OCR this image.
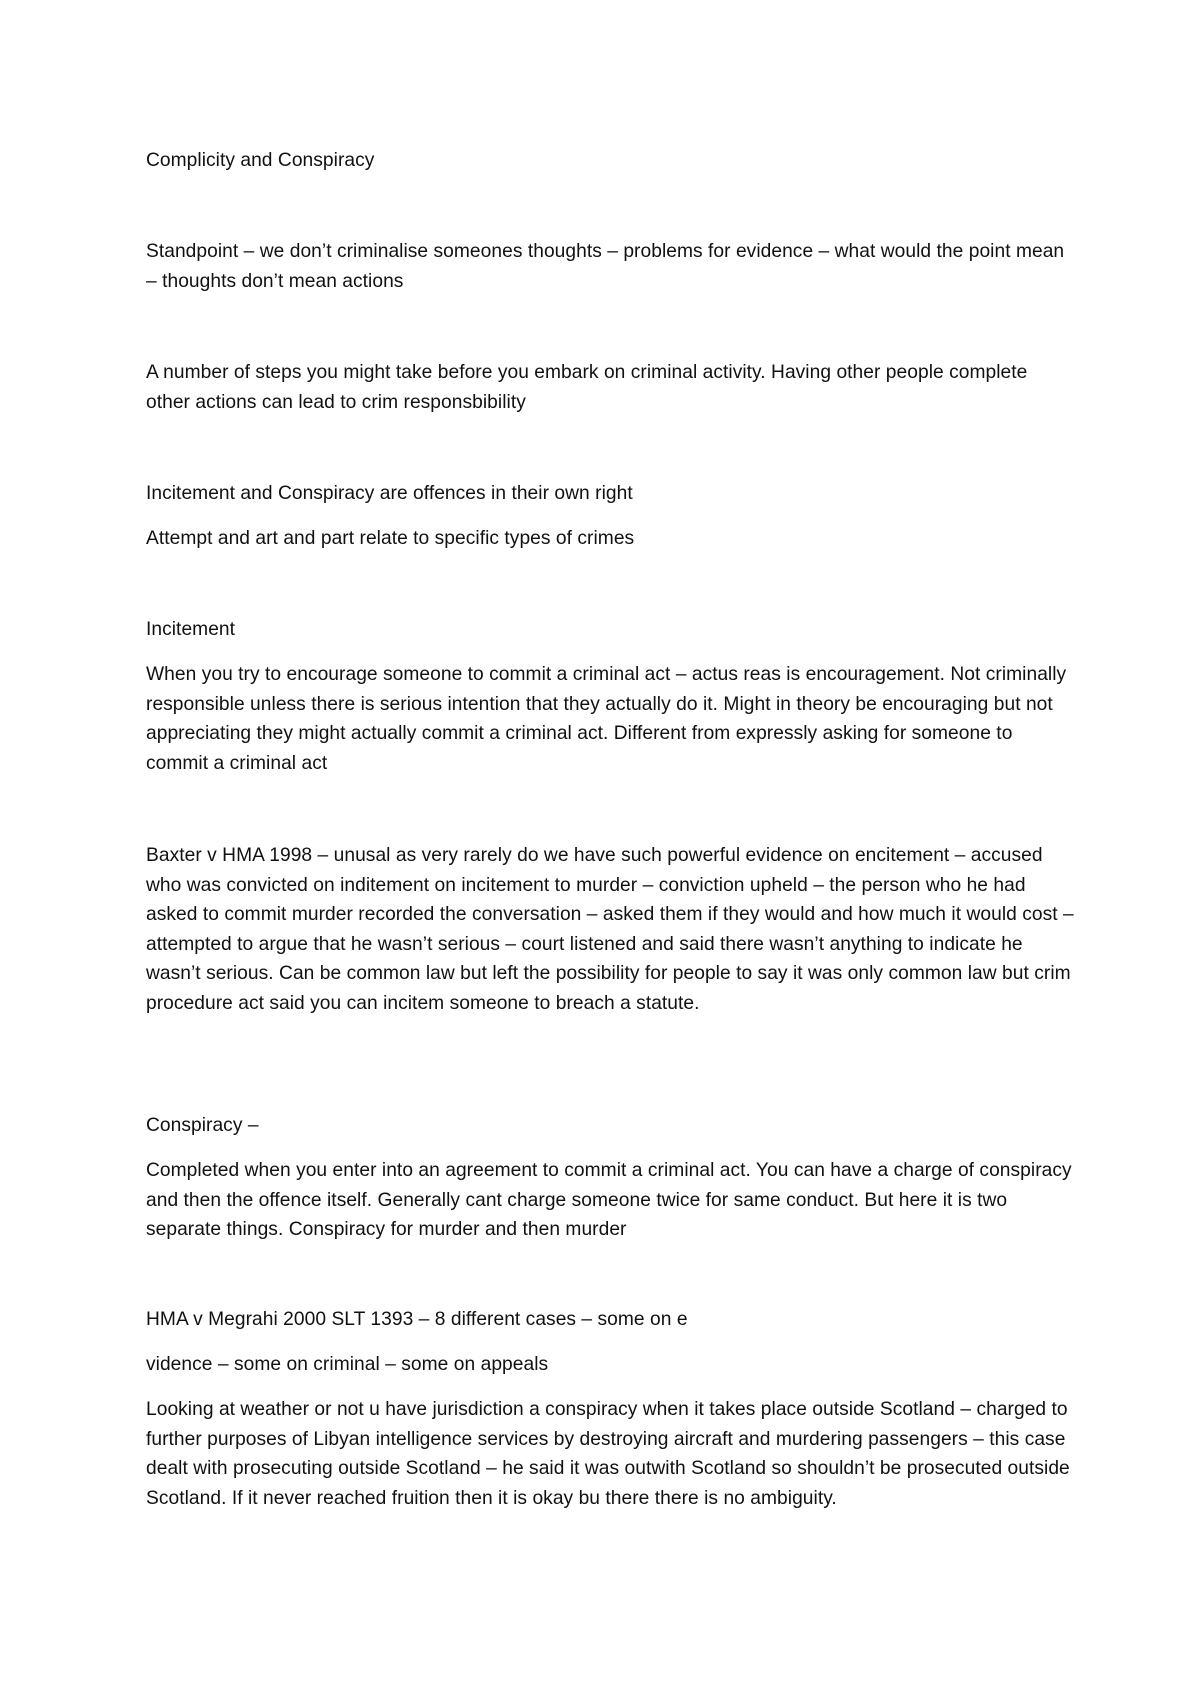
Complicity and Conspiracy

Standpoint – we don’t criminalise someones thoughts – problems for evidence – what would the point mean – thoughts don’t mean actions

A number of steps you might take before you embark on criminal activity. Having other people complete other actions can lead to crim responsbibility

Incitement and Conspiracy are offences in their own right

Attempt and art and part relate to specific types of crimes

Incitement

When you try to encourage someone to commit a criminal act – actus reas is encouragement. Not criminally responsible unless there is serious intention that they actually do it. Might in theory be encouraging but not appreciating they might actually commit a criminal act. Different from expressly asking for someone to commit a criminal act

Baxter v HMA 1998 – unusal as very rarely do we have such powerful evidence on encitement – accused who was convicted on inditement on incitement to murder – conviction upheld – the person who he had asked to commit murder recorded the conversation – asked them if they would and how much it would cost – attempted to argue that he wasn’t serious – court listened and said there wasn’t anything to indicate he wasn’t serious. Can be common law but left the possibility for people to say it was only common law but crim procedure act said you can incitem someone to breach a statute.

Conspiracy –

Completed when you enter into an agreement to commit a criminal act. You can have a charge of conspiracy and then the offence itself. Generally cant charge someone twice for same conduct. But here it is two separate things. Conspiracy for murder and then murder

HMA v Megrahi 2000 SLT 1393 – 8 different cases – some on e

vidence – some on criminal – some on appeals

Looking at weather or not u have jurisdiction a conspiracy when it takes place outside Scotland – charged to further purposes of Libyan intelligence services by destroying aircraft and murdering passengers – this case dealt with prosecuting outside Scotland – he said it was outwith Scotland so shouldn’t be prosecuted outside Scotland. If it never reached fruition then it is okay bu there there is no ambiguity.
